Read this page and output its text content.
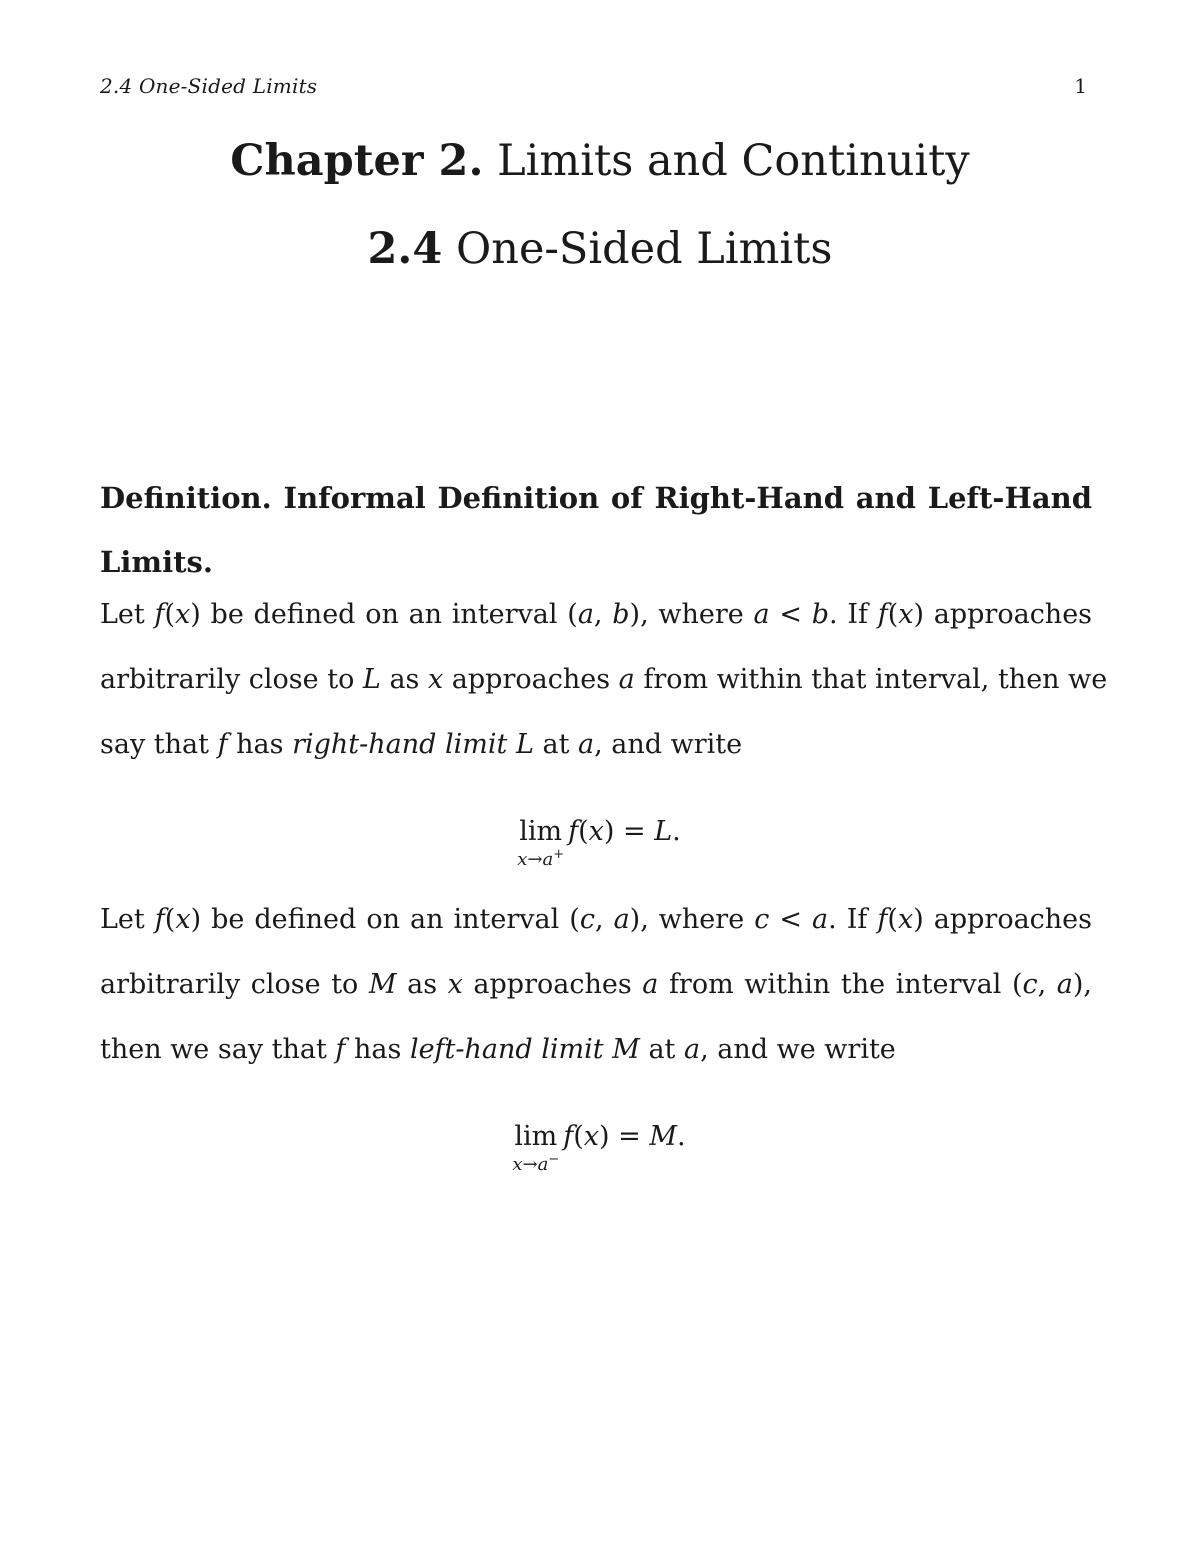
2.4 One-Sided Limits	1
Chapter 2. Limits and Continuity
2.4 One-Sided Limits
Definition. Informal Definition of Right-Hand and Left-Hand
Limits.
Let f(x) be defined on an interval (a, b), where a < b. If f(x) approaches
arbitrarily close to L as x approaches a from within that interval, then we
say that f has right-hand limit L at a, and write
lim
x→a+
f(x) = L.
Let f(x) be defined on an interval (c, a), where c < a. If f(x) approaches
arbitrarily close to M as x approaches a from within the interval (c, a),
then we say that f has left-hand limit M at a, and we write
lim
x→a−
f(x) = M.
